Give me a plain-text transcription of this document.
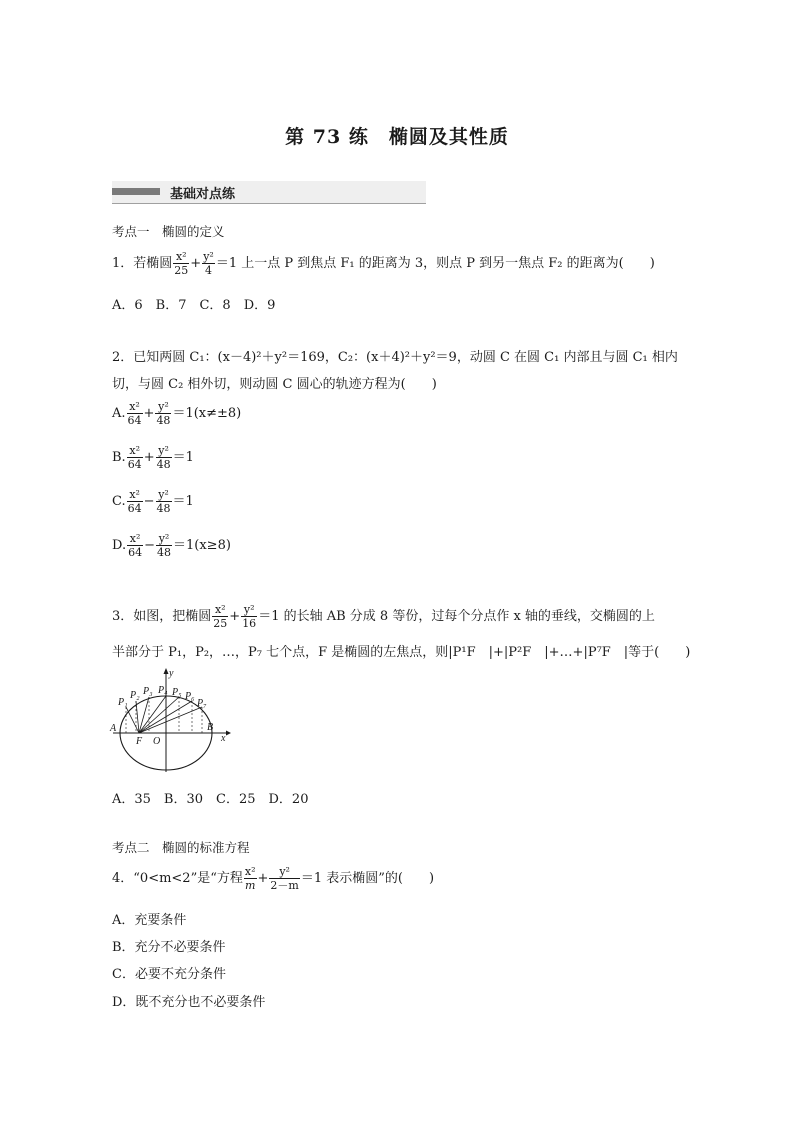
第 73 练　椭圆及其性质
基础对点练
考点一　椭圆的定义
1．若椭圆 $\frac{\text{x²}}{25} + \frac{\text{y²}}{4} =1$ 上一点 P 到焦点 F₁ 的距离为 3，则点 P 到另一焦点 F₂ 的距离为(　　)
A．6　B．7　C．8　D．9
2．已知两圆 C₁：(x－4)²＋y²＝169，C₂：(x＋4)²＋y²＝9，动圆 C 在圆 C₁ 内部且与圆 C₁ 相内
切，与圆 C₂ 相外切，则动圆 C 圆心的轨迹方程为(　　)
A. $\frac{\text{x²}}{64} + \frac{\text{y²}}{48} =1(x\ne\pm 8)$
B. $\frac{\text{x²}}{64} + \frac{\text{y²}}{48} =1$
C. $\frac{\text{x²}}{64} - \frac{\text{y²}}{48} =1$
D. $\frac{\text{x²}}{64} - \frac{\text{y²}}{48} =1(x\ge 8)$
3．如图，把椭圆 $\frac{\text{x²}}{25} + \frac{\text{y²}}{16} =1$ 的长轴 AB 分成 8 等份，过每个分点作 x 轴的垂线，交椭圆的上
半部分于 P₁，P₂，…，P₇ 七个点，F 是椭圆的左焦点，则|P¹F　|+|P²F　|+…+|P⁷F　|等于(　　)
y
x
A	B
F O
P₁
P₂ P₃ P₄ P₅ P₆
P₇
A．35　B．30　C．25　D．20
考点二　椭圆的标准方程
4．“0<m<2”是“方程 $\frac{\text{x²}}{m} + \frac{\text{y²}}{2-m} =1$ 表示椭圆”的(　　)
A．充要条件
B．充分不必要条件
C．必要不充分条件
D．既不充分也不必要条件
